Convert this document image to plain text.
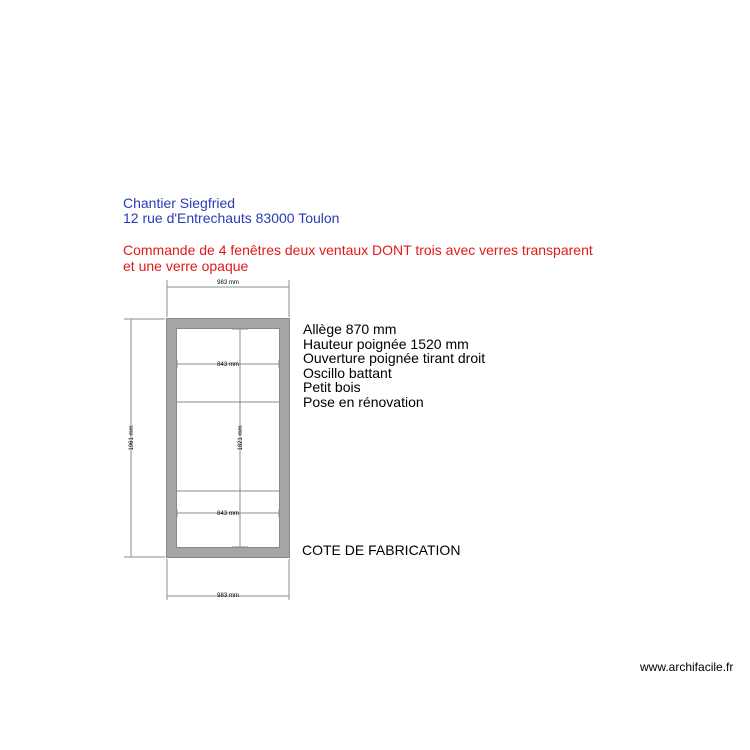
Chantier Siegfried
12 rue d'Entrechauts 83000 Toulon
Commande de 4 fenêtres deux ventaux DONT trois avec verres transparent
et une verre opaque
983 mm
983 mm
1961 mm	1821 mm
843 mm
843 mm
Allège 870 mm
Hauteur poignée 1520 mm
Ouverture poignée tirant droit
Oscillo battant
Petit bois
Pose en rénovation
COTE DE FABRICATION
www.archifacile.fr
